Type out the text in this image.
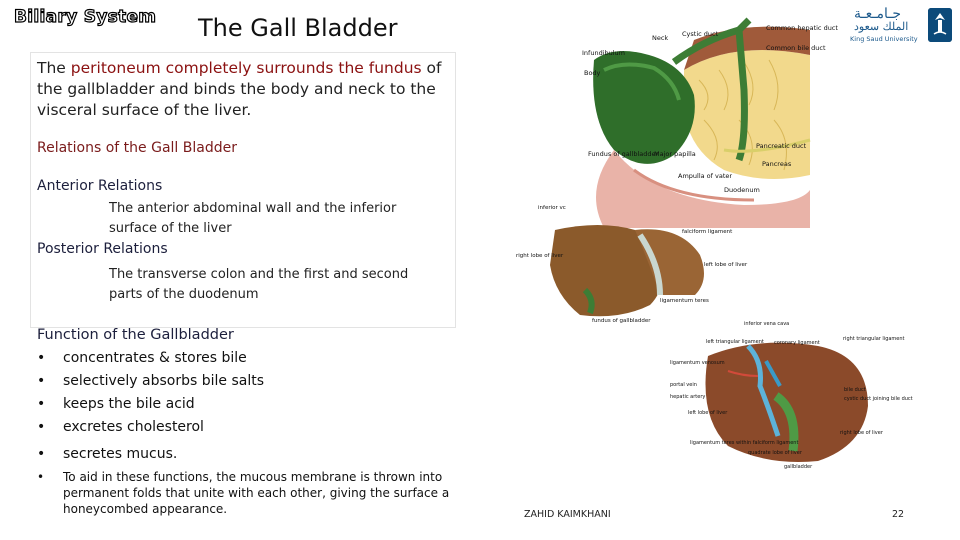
Biliary System The Gall Bladder	جـامـعـة
الملك سعود
King Saud University
The peritoneum completely surrounds the fundus of the gallbladder and binds the body and neck to the visceral surface of the liver.
Relations of the Gall Bladder
Anterior Relations
The anterior abdominal wall and the inferior surface of the liver
Posterior Relations
The transverse colon and the first and second parts of the duodenum
Function of the Gallbladder
• concentrates & stores bile
• selectively absorbs bile salts
• keeps the bile acid
• excretes cholesterol
• secretes mucus.
•	To aid in these functions, the mucous membrane is thrown into permanent folds that unite with each other, giving the surface a honeycombed appearance.
Neck Cystic duct
Common hepatic duct
Infundibulum
Common bile duct
Body
Pancreatic duct
Pancreas
Fundus of gallbladder
Major papilla
Ampulla of vater
Duodenum
inferior vc
falciform ligament
right lobe of liver
left lobe of liver
ligamentum teres
fundus of gallbladder	inferior vena cava
coronary ligament
right triangular ligament
left triangular ligament
ligamentum venosum
portal vein
hepatic artery
left lobe of liver
bile duct
cystic duct joining bile duct
right lobe of liver
ligamentum teres within falciform ligament
quadrate lobe of liver
gallbladder
ZAHID KAIMKHANI	22
